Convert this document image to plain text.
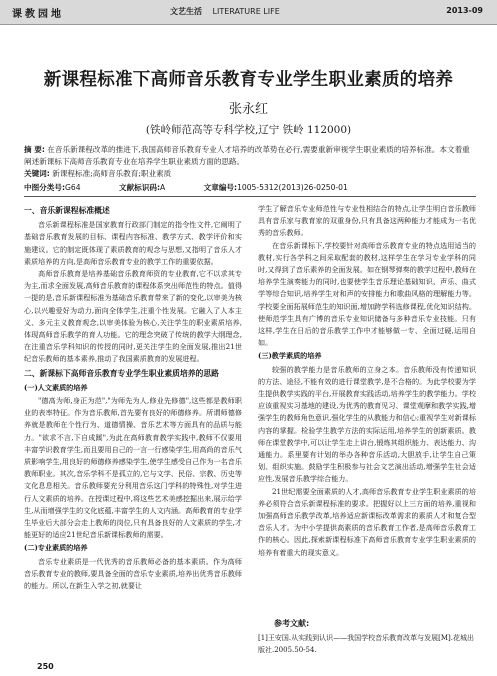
课教园地	文艺生活 LITERATURE LIFE	2013-09
新课程标准下高师音乐教育专业学生职业素质的培养
张永红
(铁岭师范高等专科学校,辽宁 铁岭 112000)
摘 要: 在音乐新课程改革的推进下,我国高师音乐教育专业人才培养的改革势在必行,需要重新审视学生职业素质的培养标准。本文着重阐述新课标下高师音乐教育专业在培养学生职业素质方面的思路。
关键词: 新课程标准;高师音乐教育;职业素质
中图分类号:G64	文献标识码:A	文章编号:1005-5312(2013)26-0250-01
一、音乐新课程标准概述

音乐新课程标准是国家教育行政部门制定的指令性文件,它阐明了基础音乐教育发展的目标、课程内容标准、教学方式、教学评价和实施建议。它的制定既体现了素质教育的观念与思想,又指明了音乐人才素质培养的方向,是高师音乐教育专业的教学工作的重要依据。

高师音乐教育是培养基础音乐教育师资的专业教育,它不以求其专为主,而求全面发展,高师音乐教育的课程体系突出师范性的特点。值得一提的是,音乐新课程标准为基础音乐教育带来了新的变化,以审美为核心,以兴趣爱好为动力,面向全体学生,注重个性发展。它融入了人本主义、多元主义教育观念,以审美体验为核心,关注学生的职业素质培养,体现高师音乐教学的育人功能。它的理念突破了传统的教学大纲理念,在注重音乐学科知识的传授的同时,更关注学生的全面发展,推出21世纪音乐教师的基本素养,推动了我国素质教育的发展进程。

二、新课标下高师音乐教育专业学生职业素质培养的思路
(一)人文素质的培养

"德高为师,身正为范","为师先为人,修业先修德",这些都是教师职业的表率特征。作为音乐教师,首先要有良好的师德修养。所谓师德修养就是教师在个性行为、道德情操、音乐艺术等方面具有的品质与能力。"欲求不言,下自成蹊",为此在高师教育教学实践中,教师不仅要用丰富学识教育学生,而且要用自己的一言一行感染学生,用高尚的音乐气质影响学生,用良好的师德修养感染学生,使学生感受自己作为一名音乐教师职业。其次,音乐学科不是孤立的,它与文学、民俗、宗教、历史等文化息息相关。音乐教师要充分利用音乐这门学科的特殊性,对学生进行人文素质的培养。在授课过程中,将这些艺术美感挖掘出来,展示给学生,从而增强学生的文化底蕴,丰富学生的人文内涵。高师教育的专业学生毕业后大部分会走上教师的岗位,只有具备良好的人文素质的学生,才能更好的适应21世纪音乐新课标教师的需要。

(二)专业素质的培养

音乐专业素质是一代优秀的音乐教师必备的基本素质。作为高师音乐教育专业的教师,要具备全面的音乐专业素质,培养出优秀音乐教师的能力。所以,在新生入学之初,就要让

学生了解音乐专业师范性与专业性相结合的特点,让学生明白音乐教师具有音乐家与教育家的双重身份,只有具备这两种能力才能成为一名优秀的音乐教师。

在音乐新课标下,学校要针对高师音乐教育专业的特点选用适当的教材,实行各学科之间采取配套的教材,这样学生在学习专业学科的同时,又得到了音乐素养的全面发展。如在钢琴弹奏的教学过程中,教师在培养学生演奏能力的同时,也要使学生音乐理论基础知识、声乐、曲式学等综合知识,培养学生对和声的安排能力和歌曲风格的理解能力等。学校要全面拓展师范生的知识面,增加跨学科选修课程,优化知识结构。使师范学生具有广博的音乐专业知识储备与多种音乐专业技能。只有这样,学生在日后的音乐教学工作中才能够做一专、全面过硬,运用自如。

(三)教学素质的培养

较强的教学能力是音乐教师的立身之本。音乐教师没有传递知识的方法、途径,不能有效的进行课堂教学,是不合格的。为此学校要为学生提供教学实践的平台,开展教育实践活动,培养学生的教学能力。学校应该重视实习基地的建设,为优秀的教育见习、课堂观摩和教学实践,增强学生的教师角色意识,强化学生的从教能力和信心;重视学生对新课标内容的掌握。检验学生教学方法的实际运用,培养学生的创新素质。教师在课堂教学中,可以让学生走上讲台,锻炼其组织能力、表达能力、沟通能力。系里要有计划的举办各种音乐活动,大胆放手,让学生自己策划、组织实施。鼓励学生积极参与社会文艺演出活动,增强学生社会适应性,发展音乐教学综合能力。

21世纪需要全面素质的人才,高师音乐教育专业学生职业素质的培养必须符合音乐新课程标准的要求。把握好以上三方面的培养,重视和加强高师音乐教学改革,培养适应新课标改革需求的素质人才和复合型音乐人才。为中小学提供高素质的音乐教育工作者,是高师音乐教育工作的核心。因此,探索新课程标准下高师音乐教育专业学生职业素质的培养有着重大的现实意义。

参考文献:
[1]王安国.从实践到认识——我国学校音乐教育改革与发展[M].花城出版社.2005.50-54.
250
